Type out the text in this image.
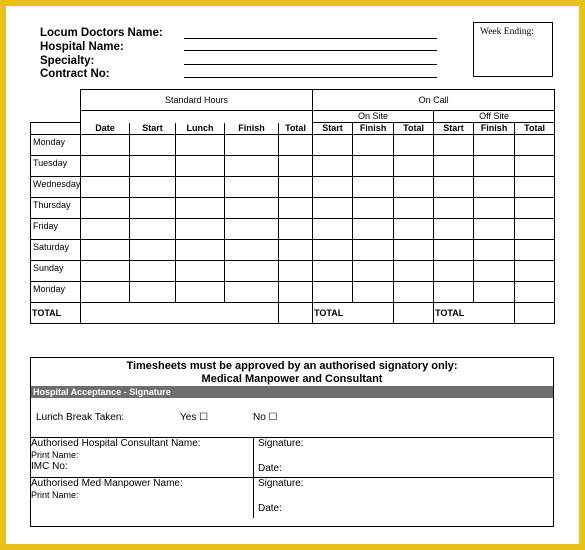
Locum Doctors Name:
Hospital Name:
Specialty:
Contract No:
Week Ending:
	Standard Hours					On Call					
						On Site			Off Site		
	Date	Start	Lunch	Finish	Total	Start	Finish	Total	Start	Finish	Total
Monday											
Tuesday											
Wednesday											
Thursday											
Friday											
Saturday											
Sunday											
Monday											
TOTAL						TOTAL			TOTAL		
Timesheets must be approved by an authorised signatory only:
Medical Manpower and Consultant
Hospital Acceptance - Signature
Lunch Break Taken:	Yes ☐	No ☐
Authorised Hospital Consultant Name:
Print Name:
IMC No:
Signature:
Date:
Authorised Med Manpower Name:
Print Name:
Signature:
Date:
